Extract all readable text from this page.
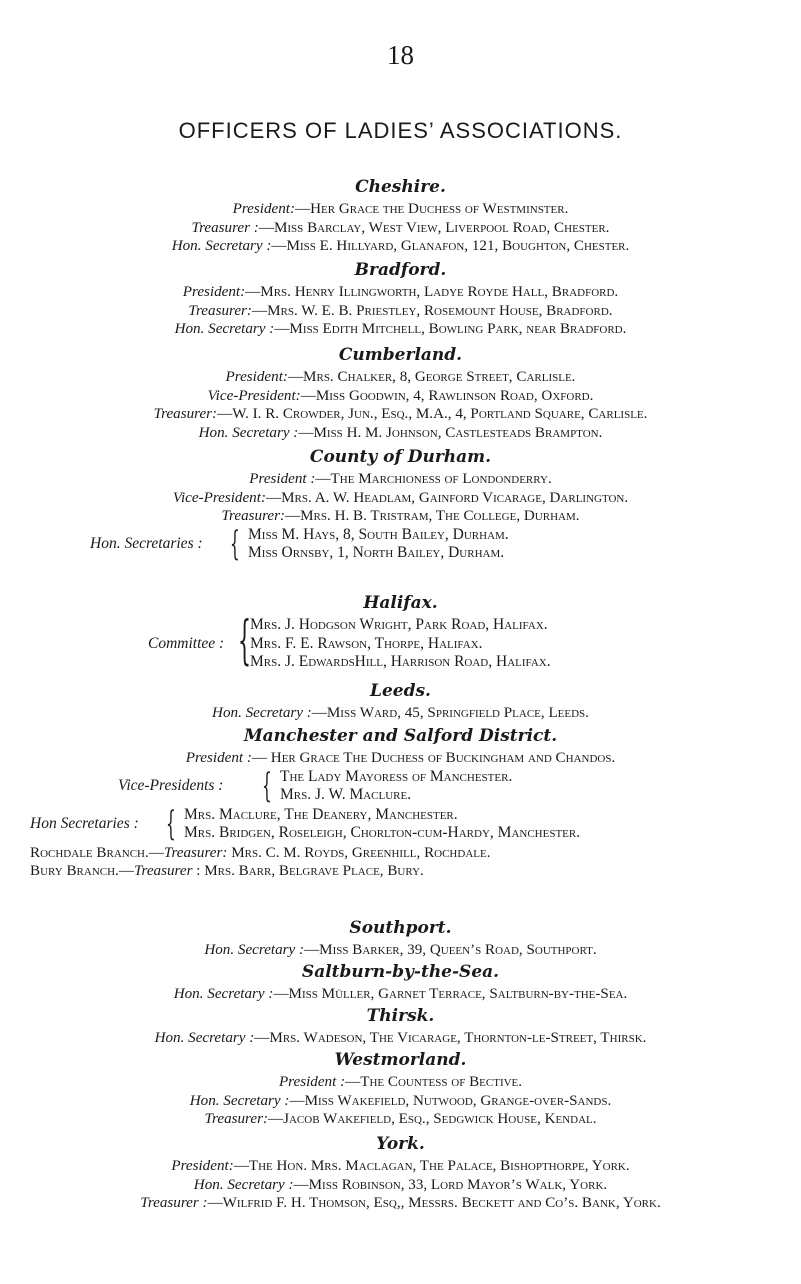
18
OFFICERS OF LADIES’ ASSOCIATIONS.
Cheshire.
President:—Her Grace the Duchess of Westminster.
Treasurer :—Miss Barclay, West View, Liverpool Road, Chester.
Hon. Secretary :—Miss E. Hillyard, Glanafon, 121, Boughton, Chester.
Bradford.
President:—Mrs. Henry Illingworth, Ladye Royde Hall, Bradford.
Treasurer:—Mrs. W. E. B. Priestley, Rosemount House, Bradford.
Hon. Secretary :—Miss Edith Mitchell, Bowling Park, near Bradford.
Cumberland.
President:—Mrs. Chalker, 8, George Street, Carlisle.
Vice-President:—Miss Goodwin, 4, Rawlinson Road, Oxford.
Treasurer:—W. I. R. Crowder, Jun., Esq., M.A., 4, Portland Square, Carlisle.
Hon. Secretary :—Miss H. M. Johnson, Castlesteads Brampton.
County of Durham.
President :—The Marchioness of Londonderry.
Vice-President:—Mrs. A. W. Headlam, Gainford Vicarage, Darlington.
Treasurer:—Mrs. H. B. Tristram, The College, Durham.
Hon. Secretaries : { Miss M. Hays, 8, South Bailey, Durham.
Miss Ornsby, 1, North Bailey, Durham.
Halifax.
Committee : {
Mrs. J. Hodgson Wright, Park Road, Halifax.
Mrs. F. E. Rawson, Thorpe, Halifax.
Mrs. J. EdwardsHill, Harrison Road, Halifax.
Leeds.
Hon. Secretary :—Miss Ward, 45, Springfield Place, Leeds.
Manchester and Salford District.
President :— Her Grace The Duchess of Buckingham and Chandos.
Vice-Presidents : { The Lady Mayoress of Manchester.
Mrs. J. W. Maclure.
Hon Secretaries : { Mrs. Maclure, The Deanery, Manchester.
Mrs. Bridgen, Roseleigh, Chorlton-cum-Hardy, Manchester.
Rochdale Branch.—Treasurer: Mrs. C. M. Royds, Greenhill, Rochdale.
Bury Branch.—Treasurer : Mrs. Barr, Belgrave Place, Bury.
Southport.
Hon. Secretary :—Miss Barker, 39, Queen’s Road, Southport.
Saltburn-by-the-Sea.
Hon. Secretary :—Miss Müller, Garnet Terrace, Saltburn-by-the-Sea.
Thirsk.
Hon. Secretary :—Mrs. Wadeson, The Vicarage, Thornton-le-Street, Thirsk.
Westmorland.
President :—The Countess of Bective.
Hon. Secretary :—Miss Wakefield, Nutwood, Grange-over-Sands.
Treasurer:—Jacob Wakefield, Esq., Sedgwick House, Kendal.
York.
President:—The Hon. Mrs. Maclagan, The Palace, Bishopthorpe, York.
Hon. Secretary :—Miss Robinson, 33, Lord Mayor’s Walk, York.
Treasurer :—Wilfrid F. H. Thomson, Esq,, Messrs. Beckett and Co’s. Bank, York.
